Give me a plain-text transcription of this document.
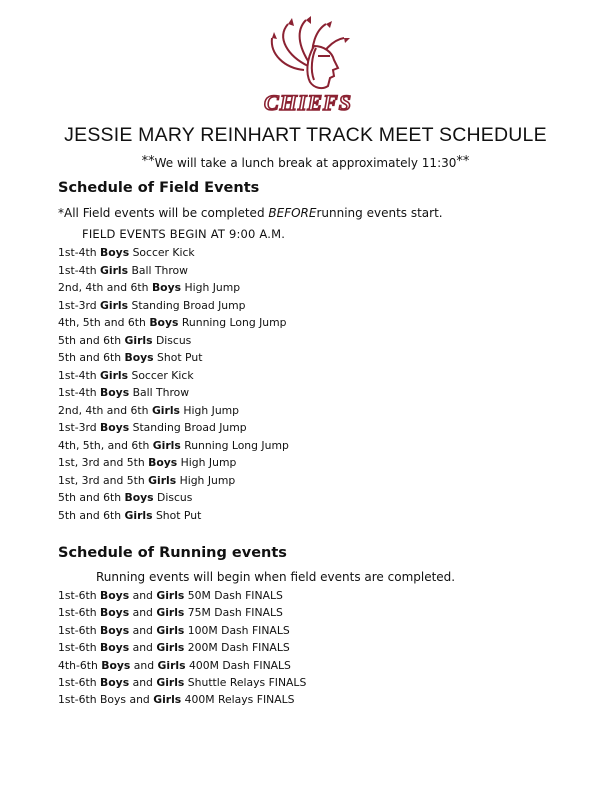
CHIEFS
JESSIE MARY REINHART TRACK MEET SCHEDULE
**We will take a lunch break at approximately 11:30**
Schedule of Field Events
*All Field events will be completed BEFORErunning events start.
FIELD EVENTS BEGIN AT 9:00 A.M.
1st-4th Boys Soccer Kick
1st-4th Girls Ball Throw
2nd, 4th and 6th Boys High Jump
1st-3rd Girls Standing Broad Jump
4th, 5th and 6th Boys Running Long Jump
5th and 6th Girls Discus
5th and 6th Boys Shot Put
1st-4th Girls Soccer Kick
1st-4th Boys Ball Throw
2nd, 4th and 6th Girls High Jump
1st-3rd Boys Standing Broad Jump
4th, 5th, and 6th Girls Running Long Jump
1st, 3rd and 5th Boys High Jump
1st, 3rd and 5th Girls High Jump
5th and 6th Boys Discus
5th and 6th Girls Shot Put
Schedule of Running events
Running events will begin when field events are completed.
1st-6th Boys and Girls 50M Dash FINALS
1st-6th Boys and Girls 75M Dash FINALS
1st-6th Boys and Girls 100M Dash FINALS
1st-6th Boys and Girls 200M Dash FINALS
4th-6th Boys and Girls 400M Dash FINALS
1st-6th Boys and Girls Shuttle Relays FINALS
1st-6th Boys and Girls 400M Relays FINALS
